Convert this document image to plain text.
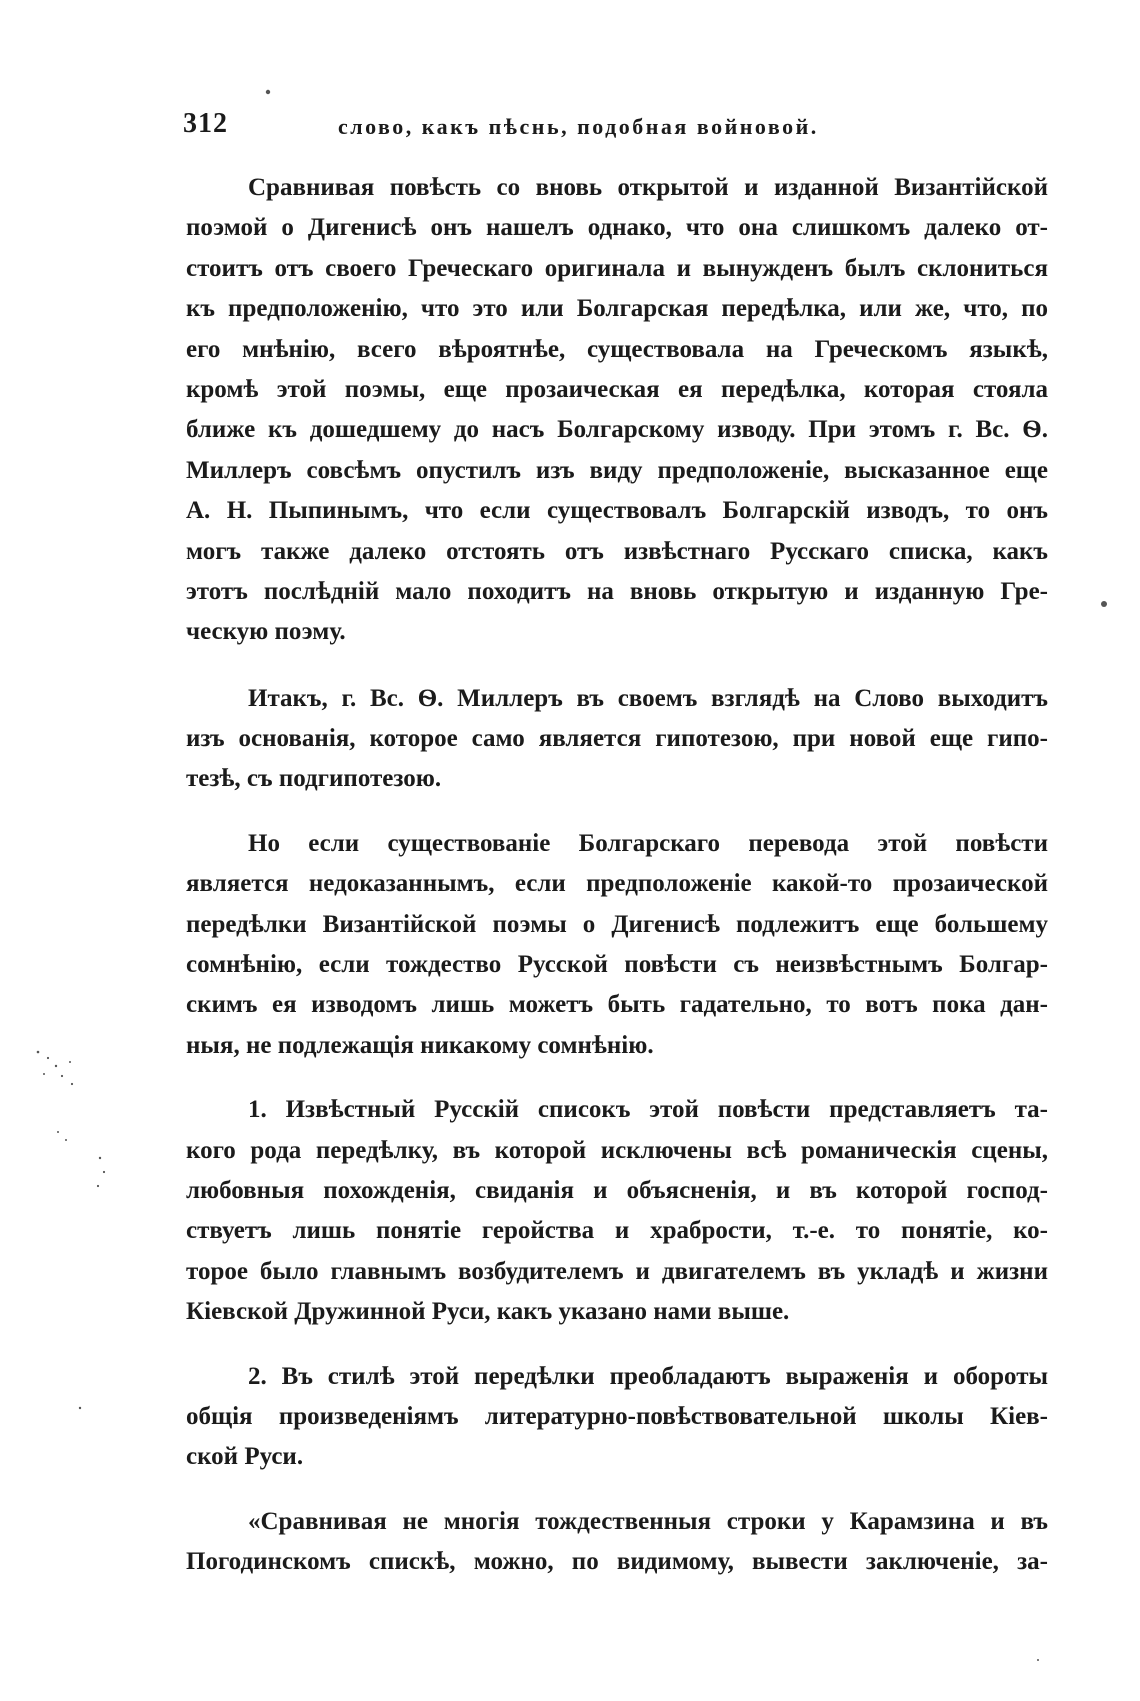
312	слово, какъ пѣснь, подобная войновой.
Сравнивая повѣсть со вновь открытой и изданной Византійской
поэмой о Дигенисѣ онъ нашелъ однако, что она слишкомъ далеко от-
стоитъ отъ своего Греческаго оригинала и вынужденъ былъ склониться
къ предположенію, что это или Болгарская передѣлка, или же, что, по
его мнѣнію, всего вѣроятнѣе, существовала на Греческомъ языкѣ,
кромѣ этой поэмы, еще прозаическая ея передѣлка, которая стояла
ближе къ дошедшему до насъ Болгарскому изводу. При этомъ г. Вс. Ѳ.
Миллеръ совсѣмъ опустилъ изъ виду предположеніе, высказанное еще
А. Н. Пыпинымъ, что если существовалъ Болгарскій изводъ, то онъ
могъ также далеко отстоять отъ извѣстнаго Русскаго списка, какъ
этотъ послѣдній мало походитъ на вновь открытую и изданную Гре-
ческую поэму.
Итакъ, г. Вс. Ѳ. Миллеръ въ своемъ взглядѣ на Слово выходитъ
изъ основанія, которое само является гипотезою, при новой еще гипо-
тезѣ, съ подгипотезою.
Но если существованіе Болгарскаго перевода этой повѣсти
является недоказаннымъ, если предположеніе какой-то прозаической
передѣлки Византійской поэмы о Дигенисѣ подлежитъ еще большему
сомнѣнію, если тождество Русской повѣсти съ неизвѣстнымъ Болгар-
скимъ ея изводомъ лишь можетъ быть гадательно, то вотъ пока дан-
ныя, не подлежащія никакому сомнѣнію.
1. Извѣстный Русскій списокъ этой повѣсти представляетъ та-
кого рода передѣлку, въ которой исключены всѣ романическія сцены,
любовныя похожденія, свиданія и объясненія, и въ которой господ-
ствуетъ лишь понятіе геройства и храбрости, т.-е. то понятіе, ко-
торое было главнымъ возбудителемъ и двигателемъ въ укладѣ и жизни
Кіевской Дружинной Руси, какъ указано нами выше.
2. Въ стилѣ этой передѣлки преобладаютъ выраженія и обороты
общія произведеніямъ литературно-повѣствовательной школы Кіев-
ской Руси.
«Сравнивая не многія тождественныя строки у Карамзина и въ
Погодинскомъ спискѣ, можно, по видимому, вывести заключеніе, за-
